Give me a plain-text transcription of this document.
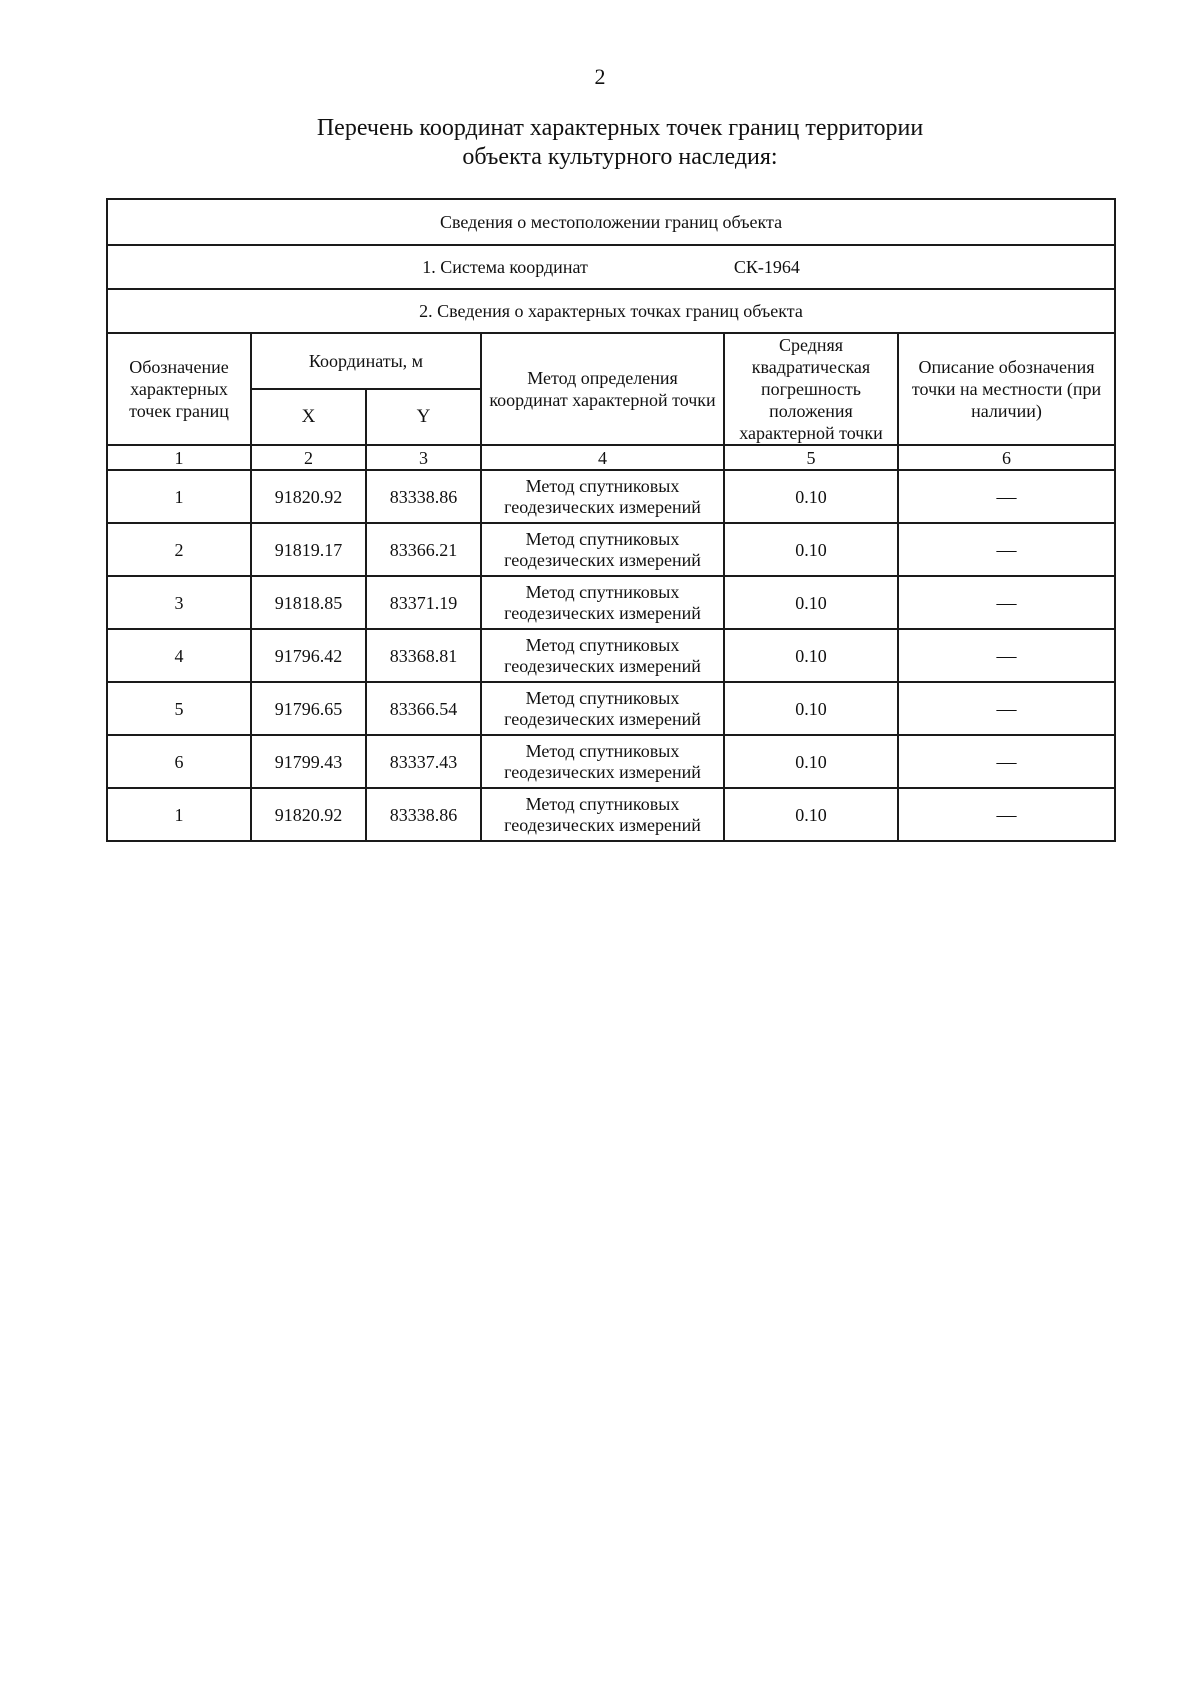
2
Перечень координат характерных точек границ территории
объекта культурного наследия:
Сведения о местоположении границ объекта					
1. Система координат СК-1964					
2. Сведения о характерных точках границ объекта					
Обозначение характерных точек границ	Координаты, м		Метод определения координат характерной точки	Средняя квадратическая погрешность положения характерной точки	Описание обозначения точки на местности (при наличии)
	X	Y			
1	2	3	4	5	6
1	91820.92	83338.86	Метод спутниковых геодезических измерений	0.10	—
2	91819.17	83366.21	Метод спутниковых геодезических измерений	0.10	—
3	91818.85	83371.19	Метод спутниковых геодезических измерений	0.10	—
4	91796.42	83368.81	Метод спутниковых геодезических измерений	0.10	—
5	91796.65	83366.54	Метод спутниковых геодезических измерений	0.10	—
6	91799.43	83337.43	Метод спутниковых геодезических измерений	0.10	—
1	91820.92	83338.86	Метод спутниковых геодезических измерений	0.10	—
